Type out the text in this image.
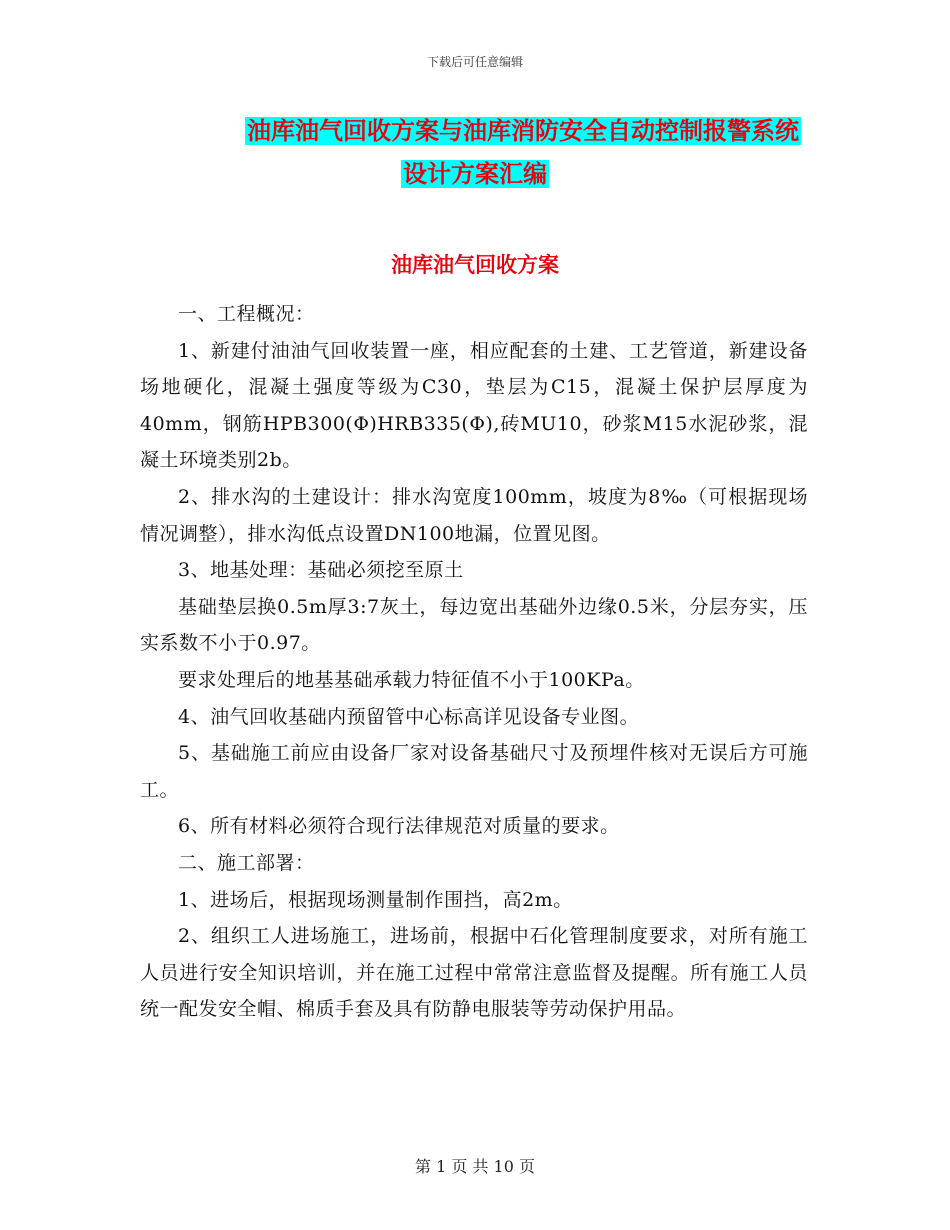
下载后可任意编辑
油库油气回收方案与油库消防安全自动控制报警系统
设计方案汇编
油库油气回收方案

一、工程概况：

1、新建付油油气回收装置一座，相应配套的土建、工艺管道，新建设备场地硬化，混凝土强度等级为C30，垫层为C15，混凝土保护层厚度为40mm，钢筋HPB300(Φ)HRB335(Φ),砖MU10，砂浆M15水泥砂浆，混凝土环境类别2b。

2、排水沟的土建设计：排水沟宽度100mm，坡度为8‰（可根据现场情况调整），排水沟低点设置DN100地漏，位置见图。

3、地基处理：基础必须挖至原土

基础垫层换0.5m厚3:7灰土，每边宽出基础外边缘0.5米，分层夯实，压实系数不小于0.97。

要求处理后的地基基础承载力特征值不小于100KPa。

4、油气回收基础内预留管中心标高详见设备专业图。

5、基础施工前应由设备厂家对设备基础尺寸及预埋件核对无误后方可施工。

6、所有材料必须符合现行法律规范对质量的要求。

二、施工部署：

1、进场后，根据现场测量制作围挡，高2m。

2、组织工人进场施工，进场前，根据中石化管理制度要求，对所有施工人员进行安全知识培训，并在施工过程中常常注意监督及提醒。所有施工人员统一配发安全帽、棉质手套及具有防静电服装等劳动保护用品。

第 1 页 共 10 页
